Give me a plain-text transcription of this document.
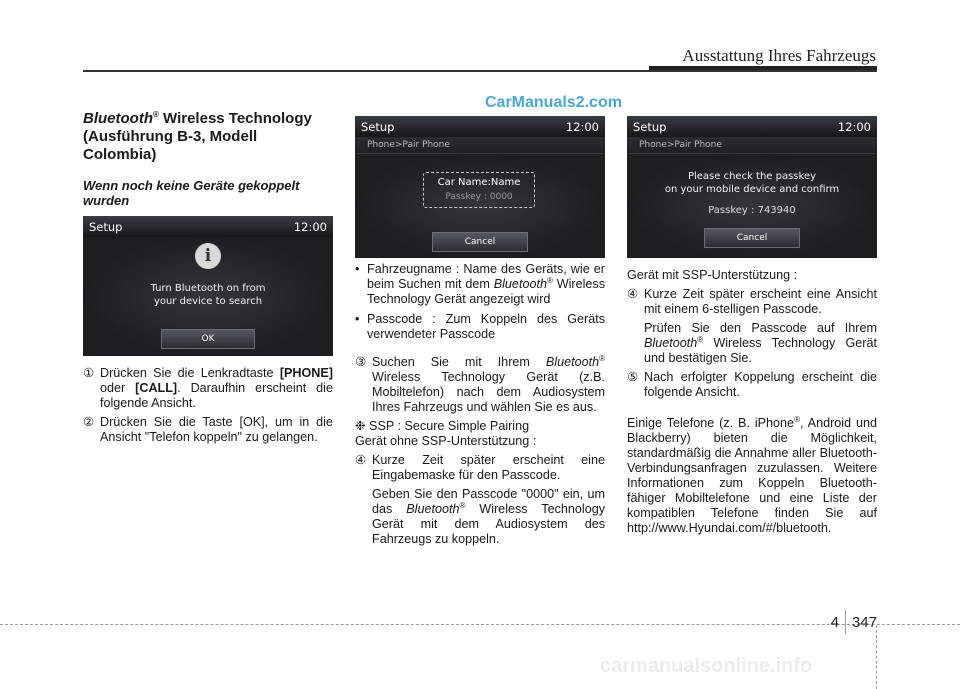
Ausstattung Ihres Fahrzeugs
CarManuals2.com
Bluetooth® Wireless Technology (Ausführung B-3, Modell Colombia)
Wenn noch keine Geräte gekoppelt wurden
Setup	12:00
i
Turn Bluetooth on from
your device to search
OK
① Drücken Sie die Lenkradtaste [PHONE] oder [CALL]. Daraufhin erscheint die folgende Ansicht.
② Drücken Sie die Taste [OK], um in die Ansicht "Telefon koppeln" zu gelangen.
Setup	12:00
Phone>Pair Phone
Car Name:Name
Passkey : 0000
Cancel
Setup	12:00
Phone>Pair Phone
Please check the passkey
on your mobile device and confirm
Passkey : 743940
Cancel
• Fahrzeugname : Name des Geräts, wie er beim Suchen mit dem Bluetooth® Wireless Technology Gerät angezeigt wird
• Passcode : Zum Koppeln des Geräts verwendeter Passcode
③ Suchen Sie mit Ihrem Bluetooth® Wireless Technology Gerät (z.B. Mobiltelefon) nach dem Audiosystem Ihres Fahrzeugs und wählen Sie es aus.
❉ SSP : Secure Simple Pairing
Gerät ohne SSP-Unterstützung :
④ Kurze Zeit später erscheint eine Eingabemaske für den Passcode.
Geben Sie den Passcode "0000" ein, um das Bluetooth® Wireless Technology Gerät mit dem Audiosystem des Fahrzeugs zu koppeln.
Gerät mit SSP-Unterstützung :
④ Kurze Zeit später erscheint eine Ansicht mit einem 6-stelligen Passcode.
Prüfen Sie den Passcode auf Ihrem Bluetooth® Wireless Technology Gerät und bestätigen Sie.
⑤ Nach erfolgter Koppelung erscheint die folgende Ansicht.
Einige Telefone (z. B. iPhone®, Android und Blackberry) bieten die Möglichkeit, standardmäßig die Annahme aller Bluetooth-Verbindungsanfragen zuzulassen. Weitere Informationen zum Koppeln Bluetooth-fähiger Mobiltelefone und eine Liste der kompatiblen Telefone finden Sie auf http://www.Hyundai.com/#/bluetooth.
4 347
carmanualsonline.info
